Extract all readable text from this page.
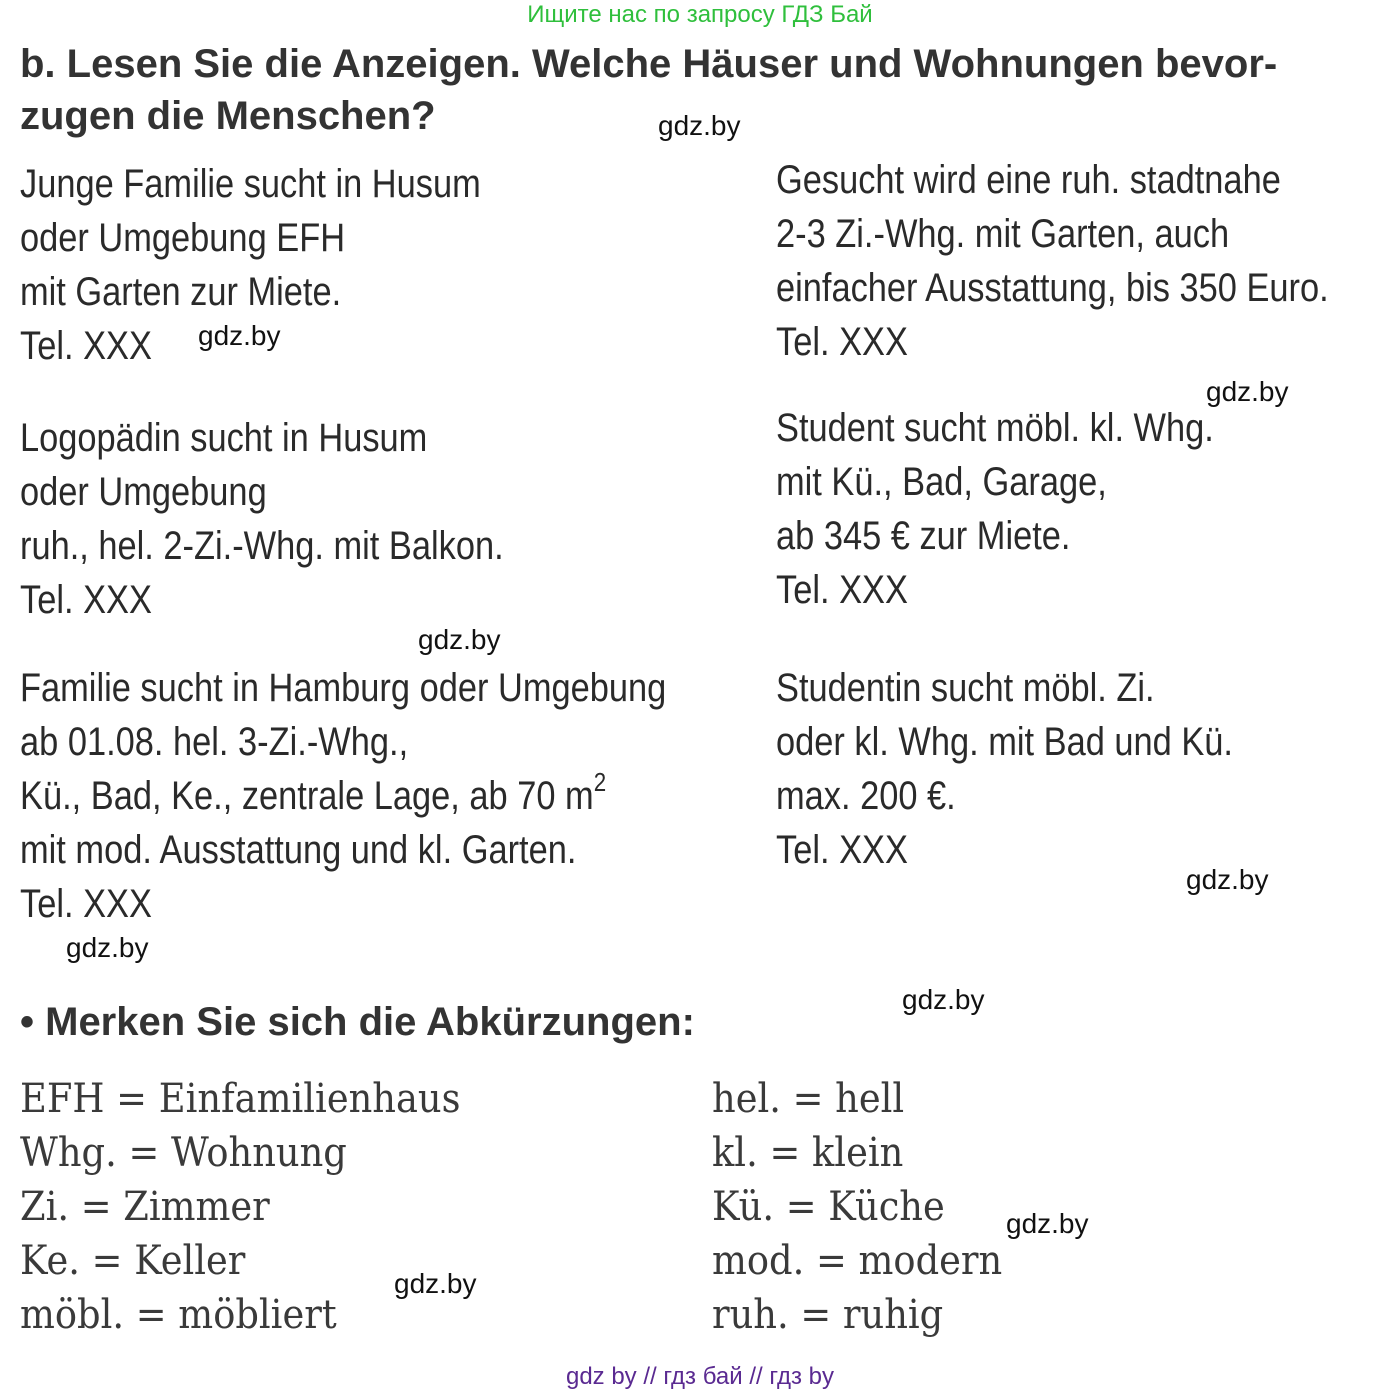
Ищите нас по запросу ГДЗ Бай
b. Lesen Sie die Anzeigen. Welche Häuser und Wohnungen bevor-
zugen die Menschen?
Junge Familie sucht in Husum
oder Umgebung EFH
mit Garten zur Miete.
Tel. XXX
Logopädin sucht in Husum
oder Umgebung
ruh., hel. 2-Zi.-Whg. mit Balkon.
Tel. XXX
Familie sucht in Hamburg oder Umgebung
ab 01.08. hel. 3-Zi.-Whg.,
Kü., Bad, Ke., zentrale Lage, ab 70 $m^2$
mit mod. Ausstattung und kl. Garten.
Tel. XXX
Gesucht wird eine ruh. stadtnahe
2-3 Zi.-Whg. mit Garten, auch
einfacher Ausstattung, bis 350 Euro.
Tel. XXX
Student sucht möbl. kl. Whg.
mit Kü., Bad, Garage,
ab 345 € zur Miete.
Tel. XXX
Studentin sucht möbl. Zi.
oder kl. Whg. mit Bad und Kü.
max. 200 €.
Tel. XXX
gdz.by
gdz.by
gdz.by
gdz.by
gdz.by
gdz.by
gdz.by
gdz.by
gdz.by
• Merken Sie sich die Abkürzungen:
EFH = Einfamilienhaus
Whg. = Wohnung
Zi. = Zimmer
Ke. = Keller
möbl. = möbliert
hel. = hell
kl. = klein
Kü. = Küche
mod. = modern
ruh. = ruhig
gdz by // гдз бай // гдз by
